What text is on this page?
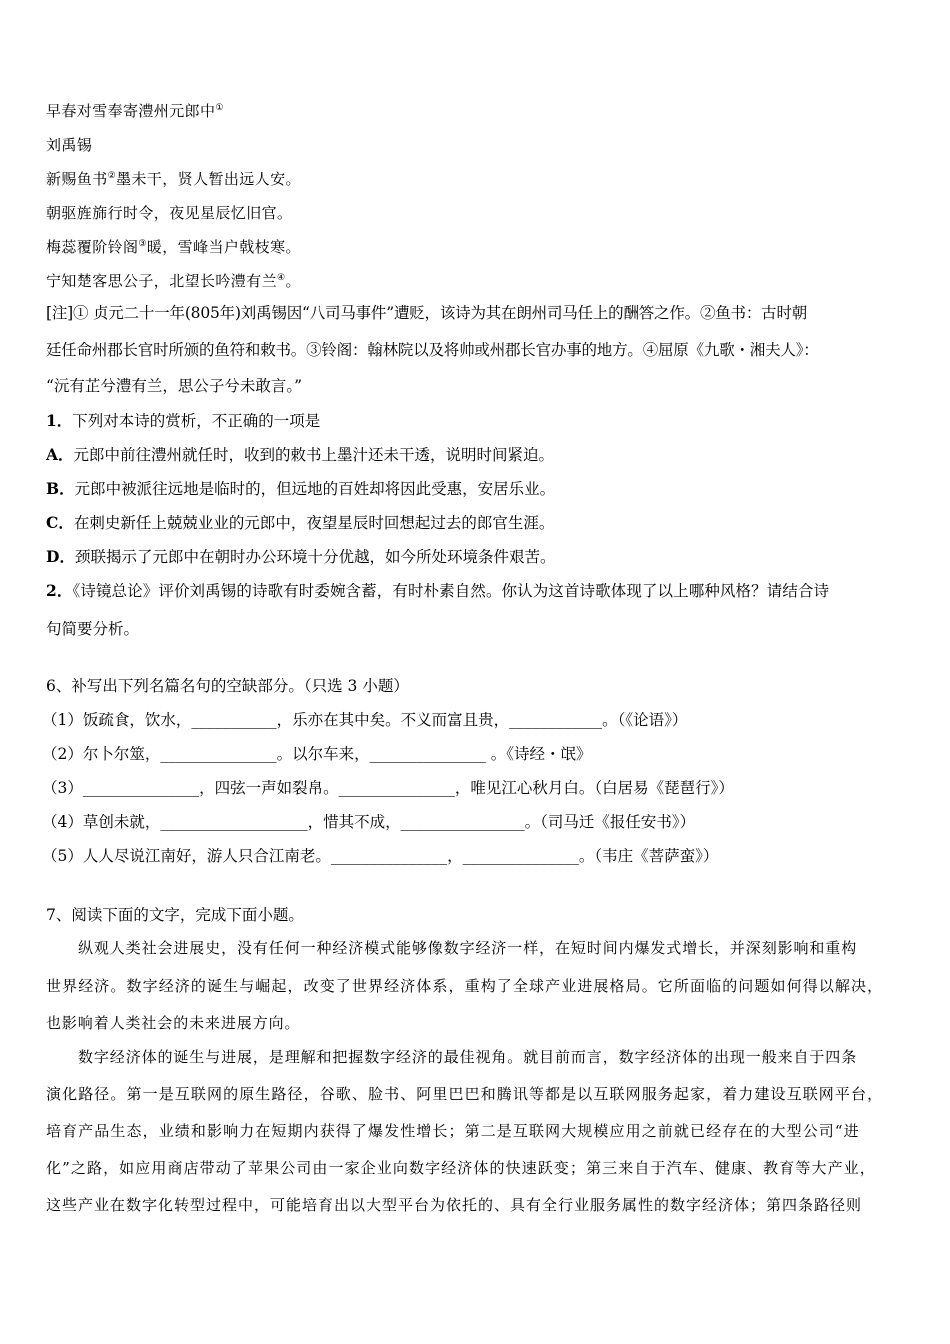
早春对雪奉寄澧州元郎中①
刘禹锡
新赐鱼书②墨未干，贤人暂出远人安。
朝驱旌旆行时令，夜见星辰忆旧官。
梅蕊覆阶铃阁③暖，雪峰当户戟枝寒。
宁知楚客思公子，北望长吟澧有兰④。
[注]① 贞元二十一年(805年)刘禹锡因“八司马事件”遭贬，该诗为其在朗州司马任上的酬答之作。②鱼书：古时朝
廷任命州郡长官时所颁的鱼符和敕书。③铃阁：翰林院以及将帅或州郡长官办事的地方。④屈原《九歌・湘夫人》：
“沅有芷兮澧有兰，思公子兮未敢言。”
1．下列对本诗的赏析，不正确的一项是
A．元郎中前往澧州就任时，收到的敕书上墨汁还未干透，说明时间紧迫。
B．元郎中被派往远地是临时的，但远地的百姓却将因此受惠，安居乐业。
C．在刺史新任上兢兢业业的元郎中，夜望星辰时回想起过去的郎官生涯。
D．颈联揭示了元郎中在朝时办公环境十分优越，如今所处环境条件艰苦。
2．《诗镜总论》评价刘禹锡的诗歌有时委婉含蓄，有时朴素自然。你认为这首诗歌体现了以上哪种风格？请结合诗
句简要分析。
6、补写出下列名篇名句的空缺部分。（只选 3 小题）
（1）饭疏食，饮水，___________，乐亦在其中矣。不义而富且贵，____________。（《论语》）
（2）尔卜尔筮，_______________。以尔车来，_______________ 。《诗经・氓》
（3）_______________，四弦一声如裂帛。_______________，唯见江心秋月白。（白居易《琵琶行》）
（4）草创未就，___________________，惜其不成，________________。（司马迁《报任安书》）
（5）人人尽说江南好，游人只合江南老。_______________，_______________。（韦庄《菩萨蛮》）
7、阅读下面的文字，完成下面小题。
纵观人类社会进展史，没有任何一种经济模式能够像数字经济一样，在短时间内爆发式增长，并深刻影响和重构
世界经济。数字经济的诞生与崛起，改变了世界经济体系，重构了全球产业进展格局。它所面临的问题如何得以解决，
也影响着人类社会的未来进展方向。
数字经济体的诞生与进展，是理解和把握数字经济的最佳视角。就目前而言，数字经济体的出现一般来自于四条
演化路径。第一是互联网的原生路径，谷歌、脸书、阿里巴巴和腾讯等都是以互联网服务起家，着力建设互联网平台，
培育产品生态，业绩和影响力在短期内获得了爆发性增长；第二是互联网大规模应用之前就已经存在的大型公司“进
化”之路，如应用商店带动了苹果公司由一家企业向数字经济体的快速跃变；第三来自于汽车、健康、教育等大产业，
这些产业在数字化转型过程中，可能培育出以大型平台为依托的、具有全行业服务属性的数字经济体；第四条路径则
